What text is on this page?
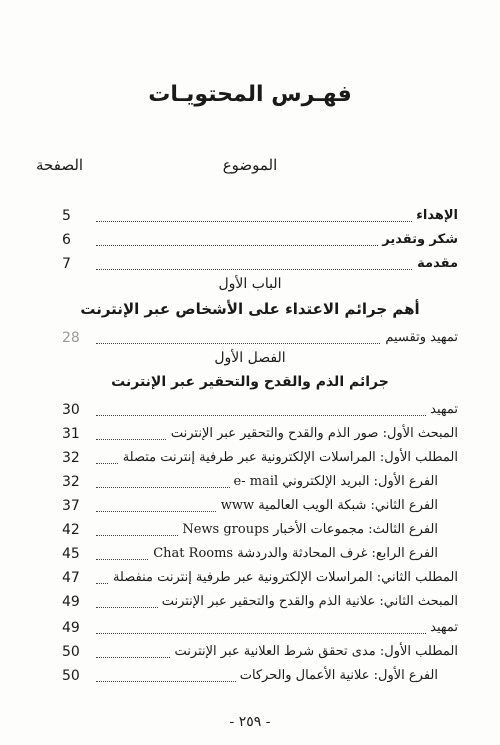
فهـرس المحتويـات
الموضوع
الصفحة
الإهداء
5
شكر وتقدير
6
مقدمة
7
الباب الأول
أهم جرائم الاعتداء على الأشخاص عبر الإنترنت
تمهيد وتقسيم
28
الفصل الأول
جرائم الذم والقدح والتحقير عبر الإنترنت
تمهيد
30
المبحث الأول: صور الذم والقدح والتحقير عبر الإنترنت
31
المطلب الأول: المراسلات الإلكترونية عبر طرفية إنترنت متصلة
32
الفرع الأول: البريد الإلكتروني e- mail
32
الفرع الثاني: شبكة الويب العالمية www
37
الفرع الثالث: مجموعات الأخبار News groups
42
الفرع الرابع: غرف المحادثة والدردشة Chat Rooms
45
المطلب الثاني: المراسلات الإلكترونية عبر طرفية إنترنت منفصلة
47
المبحث الثاني: علانية الذم والقدح والتحقير عبر الإنترنت
49
تمهيد
49
المطلب الأول: مدى تحقق شرط العلانية عبر الإنترنت
50
الفرع الأول: علانية الأعمال والحركات
50
- ٢٥٩ -
